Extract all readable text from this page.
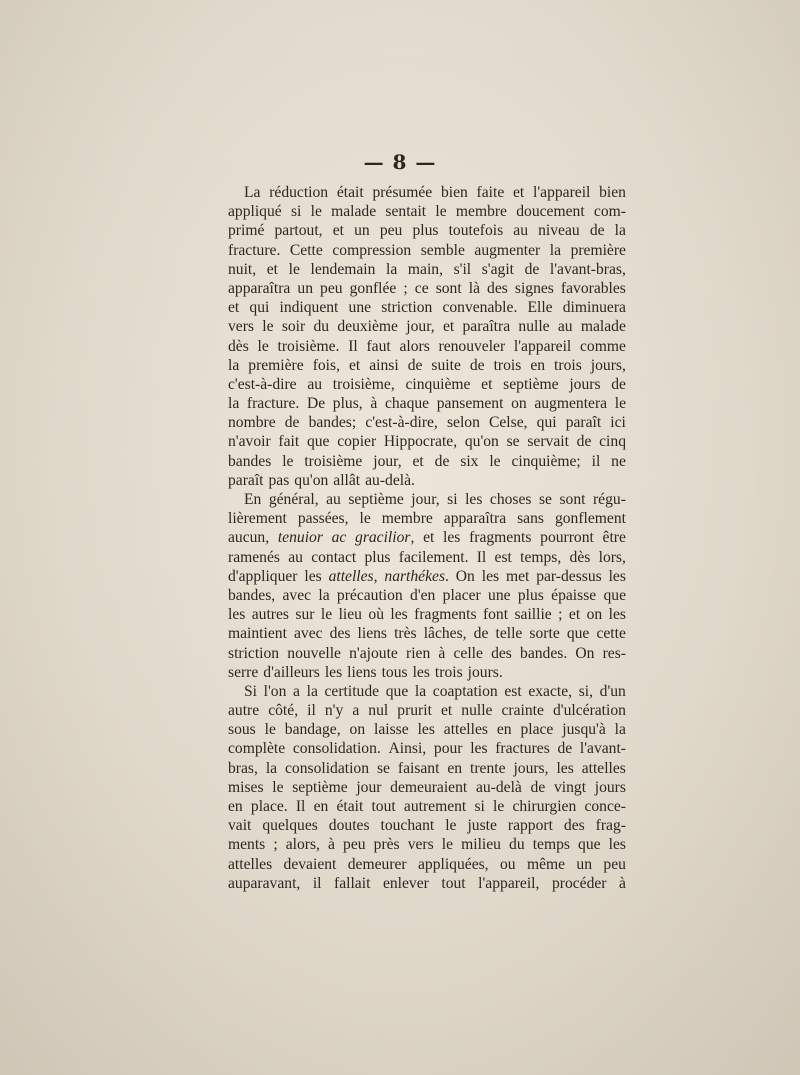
— 8 —
La réduction était présumée bien faite et l'appareil bien
appliqué si le malade sentait le membre doucement com-
primé partout, et un peu plus toutefois au niveau de la
fracture. Cette compression semble augmenter la première
nuit, et le lendemain la main, s'il s'agit de l'avant-bras,
apparaîtra un peu gonflée ; ce sont là des signes favorables
et qui indiquent une striction convenable. Elle diminuera
vers le soir du deuxième jour, et paraîtra nulle au malade
dès le troisième. Il faut alors renouveler l'appareil comme
la première fois, et ainsi de suite de trois en trois jours,
c'est-à-dire au troisième, cinquième et septième jours de
la fracture. De plus, à chaque pansement on augmentera le
nombre de bandes; c'est-à-dire, selon Celse, qui paraît ici
n'avoir fait que copier Hippocrate, qu'on se servait de cinq
bandes le troisième jour, et de six le cinquième; il ne
paraît pas qu'on allât au-delà.
En général, au septième jour, si les choses se sont régu-
lièrement passées, le membre apparaîtra sans gonflement
aucun, tenuior ac gracilior, et les fragments pourront être
ramenés au contact plus facilement. Il est temps, dès lors,
d'appliquer les attelles, narthékes. On les met par-dessus les
bandes, avec la précaution d'en placer une plus épaisse que
les autres sur le lieu où les fragments font saillie ; et on les
maintient avec des liens très lâches, de telle sorte que cette
striction nouvelle n'ajoute rien à celle des bandes. On res-
serre d'ailleurs les liens tous les trois jours.
Si l'on a la certitude que la coaptation est exacte, si, d'un
autre côté, il n'y a nul prurit et nulle crainte d'ulcération
sous le bandage, on laisse les attelles en place jusqu'à la
complète consolidation. Ainsi, pour les fractures de l'avant-
bras, la consolidation se faisant en trente jours, les attelles
mises le septième jour demeuraient au-delà de vingt jours
en place. Il en était tout autrement si le chirurgien conce-
vait quelques doutes touchant le juste rapport des frag-
ments ; alors, à peu près vers le milieu du temps que les
attelles devaient demeurer appliquées, ou même un peu
auparavant, il fallait enlever tout l'appareil, procéder à
